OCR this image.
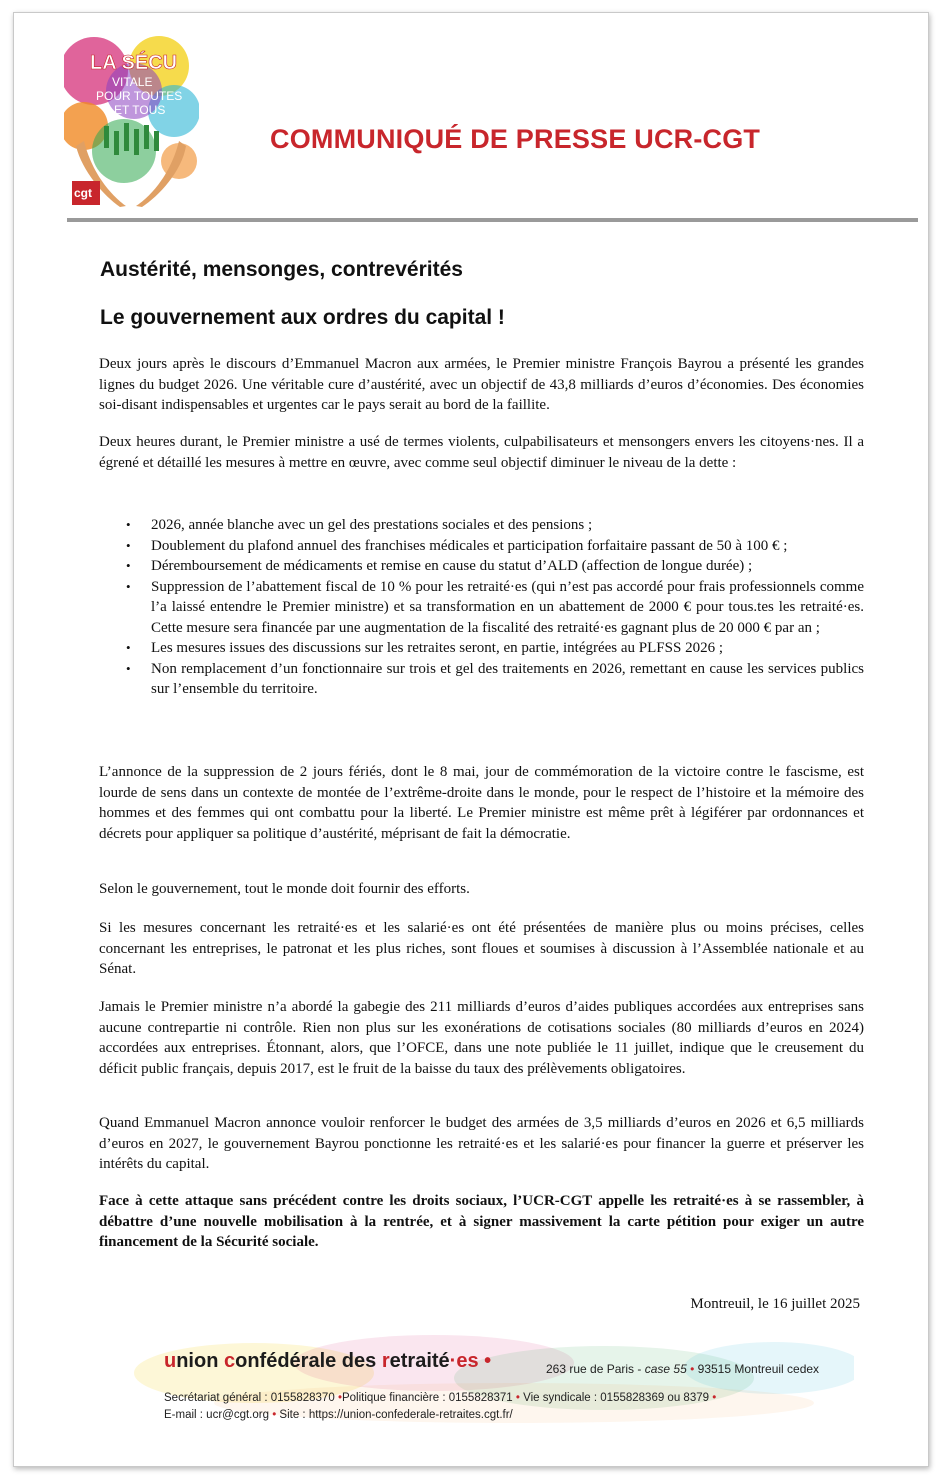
LA SÉCU
VITALE
POUR TOUTES
ET TOUS
cgt
COMMUNIQUÉ DE PRESSE UCR-CGT
Austérité, mensonges, contrevérités
Le gouvernement aux ordres du capital !

Deux jours après le discours d’Emmanuel Macron aux armées, le Premier ministre François Bayrou a présenté les grandes lignes du budget 2026. Une véritable cure d’austérité, avec un objectif de 43,8 milliards d’euros d’économies. Des économies soi-disant indispensables et urgentes car le pays serait au bord de la faillite.

Deux heures durant, le Premier ministre a usé de termes violents, culpabilisateurs et mensongers envers les citoyens·nes. Il a égrené et détaillé les mesures à mettre en œuvre, avec comme seul objectif diminuer le niveau de la dette :

• 2026, année blanche avec un gel des prestations sociales et des pensions ;
• Doublement du plafond annuel des franchises médicales et participation forfaitaire passant de 50 à 100 € ;
• Déremboursement de médicaments et remise en cause du statut d’ALD (affection de longue durée) ;
• Suppression de l’abattement fiscal de 10 % pour les retraité·es (qui n’est pas accordé pour frais professionnels comme l’a laissé entendre le Premier ministre) et sa transformation en un abattement de 2000 € pour tous.tes les retraité·es. Cette mesure sera financée par une augmentation de la fiscalité des retraité·es gagnant plus de 20 000 € par an ;
• Les mesures issues des discussions sur les retraites seront, en partie, intégrées au PLFSS 2026 ;
• Non remplacement d’un fonctionnaire sur trois et gel des traitements en 2026, remettant en cause les services publics sur l’ensemble du territoire.

L’annonce de la suppression de 2 jours fériés, dont le 8 mai, jour de commémoration de la victoire contre le fascisme, est lourde de sens dans un contexte de montée de l’extrême-droite dans le monde, pour le respect de l’histoire et la mémoire des hommes et des femmes qui ont combattu pour la liberté. Le Premier ministre est même prêt à légiférer par ordonnances et décrets pour appliquer sa politique d’austérité, méprisant de fait la démocratie.

Selon le gouvernement, tout le monde doit fournir des efforts.

Si les mesures concernant les retraité·es et les salarié·es ont été présentées de manière plus ou moins précises, celles concernant les entreprises, le patronat et les plus riches, sont floues et soumises à discussion à l’Assemblée nationale et au Sénat.

Jamais le Premier ministre n’a abordé la gabegie des 211 milliards d’euros d’aides publiques accordées aux entreprises sans aucune contrepartie ni contrôle. Rien non plus sur les exonérations de cotisations sociales (80 milliards d’euros en 2024) accordées aux entreprises. Étonnant, alors, que l’OFCE, dans une note publiée le 11 juillet, indique que le creusement du déficit public français, depuis 2017, est le fruit de la baisse du taux des prélèvements obligatoires.

Quand Emmanuel Macron annonce vouloir renforcer le budget des armées de 3,5 milliards d’euros en 2026 et 6,5 milliards d’euros en 2027, le gouvernement Bayrou ponctionne les retraité·es et les salarié·es pour financer la guerre et préserver les intérêts du capital.

Face à cette attaque sans précédent contre les droits sociaux, l’UCR-CGT appelle les retraité·es à se rassembler, à débattre d’une nouvelle mobilisation à la rentrée, et à signer massivement la carte pétition pour exiger un autre financement de la Sécurité sociale.

Montreuil, le 16 juillet 2025
union confédérale des retraité·es •	263 rue de Paris - case 55 • 93515 Montreuil cedex
Secrétariat général : 0155828370 •Politique financière : 0155828371 • Vie syndicale : 0155828369 ou 8379 •
E-mail : ucr@cgt.org • Site : https://union-confederale-retraites.cgt.fr/
